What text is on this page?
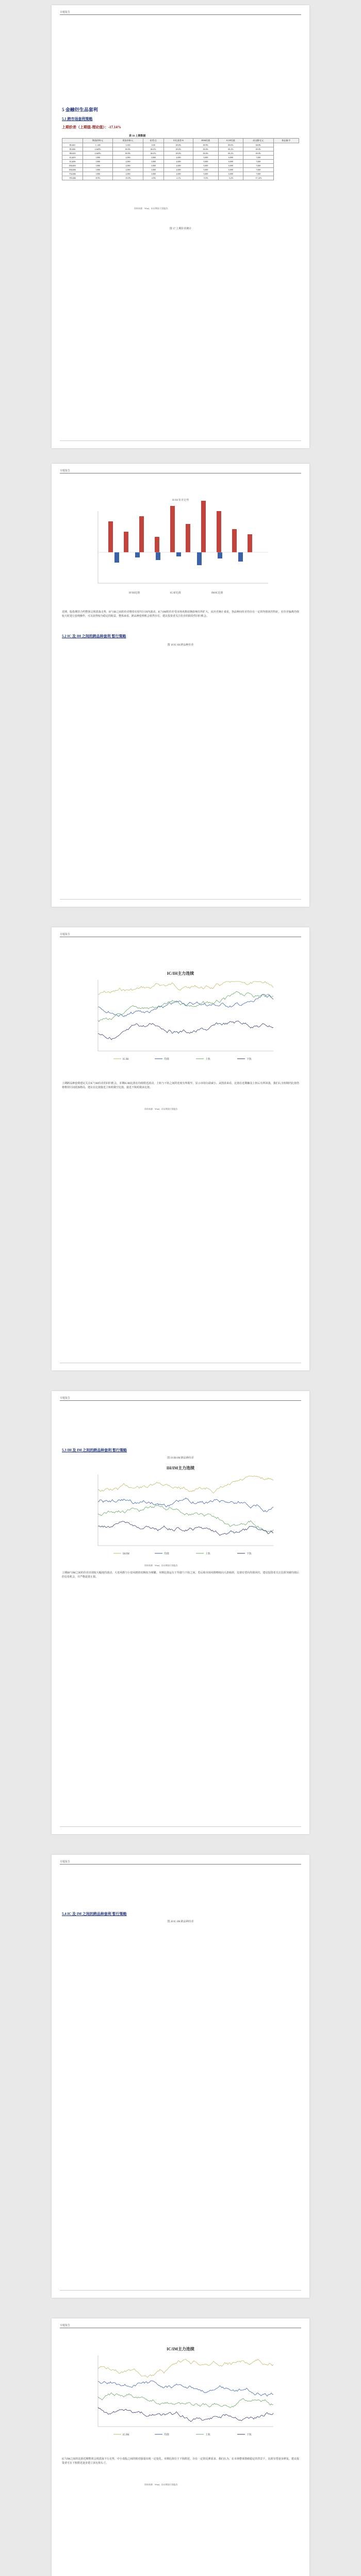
专题报告
5 金融衍生品套利
5.1 跨市场套利策略
上期价差（上期值-理论值）：-17.14%
表 16 上期数据
	期货价格/元	现货价格/元	价差/点	年化基差/%	IF/IH比值	IC/IF比值	成交额/亿元	持仓量/手
IF2403	3 ,349	3,350	0.00	69.0%	69.9%	69.0%	68.8%	
IF2406	2,649%	69.0%	66.0%	69.0%	69.0%	69.2%	69.0%	
IH2403	2,649%	69.0%	66.0%	69.0%	69.0%	69.2%	69.0%	
IC2403	1,000	2,000	3,000	4,000	5,000	6,000	7,000	
IC2406	1,000	2,000	3,000	4,000	5,000	6,000	7,000	
IM2403	1,000	2,000	3,000	4,000	5,000	6,000	7,000	
IM2406	1,000	2,000	3,000	4,000	5,000	6,000	7,000	
TS2406	1,000	2,000	3,000	4,000	5,000	6,000	7,000	
TF2406	-8.9%	-10.0%	-4.9%	-2.1%	-5.0%	-3.2%	-17.14%	
资料来源：Wind，东证期货 行情报告
图 17 上期价差统计
专题报告
IF/IH 价差走势
IF/IH比值	IC/IF比值	IM/IC比值
近期，股指期货合约整体呈现震荡走势，IF与IH之间的价差维持在较窄区间内波动，IC与IM的价差受市场风格切换影响有所扩大。从历史统计来看，各品种间价差均存在一定的均值回归特征，在价差偏离均值较大时进行套利操作，可以获得较为稳定的收益。整体来看，跨品种套利机会依然存在，建议投资者关注价差的阶段性回归机会。
5.2 IC 及 IH 之间的跨品种套利 暂行策略
图 18 IC-IH 跨品种价差
专题报告
IC/IH主力连续
IC/IH	均值	上轨	下轨
上期跨品种套利建议关注IC与IH价差的回归机会。本期IC/IH比值在均值附近波动，上轨与下轨之间的宽度有所收窄，显示市场分歧减小。从图表来看，比值在近期触及上轨后有所回落，我们认为短期内比值仍将维持区间震荡格局，建议在比值接近上轨时做空比值，接近下轨时做多比值。
资料来源：Wind，东证期货行情报告
专题报告
5.3 IH 及 IM 之间的跨品种套利 暂行策略
图 19 IH-IM 跨品种价差
IH/IM主力连续
IH/IM	均值	上轨	下轨
资料来源：Wind，东证期货行情报告
上期IH与IM之间的价差出现较大幅度的波动，大盘风格与小盘风格的切换较为频繁。本期比值运行于均值与下轨之间，若后续市场风格继续向大盘倾斜，比值有望向均值回归。建议投资者关注比值突破均值后的交易机会，并严格设置止损。
专题报告
5.4 IC 及 IM 之间的跨品种套利 暂行策略
图 20 IC-IM 跨品种价差
专题报告
IC/IM主力连续
IC/IM	均值	上轨	下轨
IC与IM之间的比值近期整体呈现震荡下行走势，中小盘股之间的相对强弱出现一定变化。本期比值位于下轨附近，存在一定的反弹需求。我们认为，在市场整体情绪稳定的背景下，比值有望逐步修复，建议投资者可在下轨附近逐步建立多比值头寸。
资料来源：Wind，东证期货行情报告
